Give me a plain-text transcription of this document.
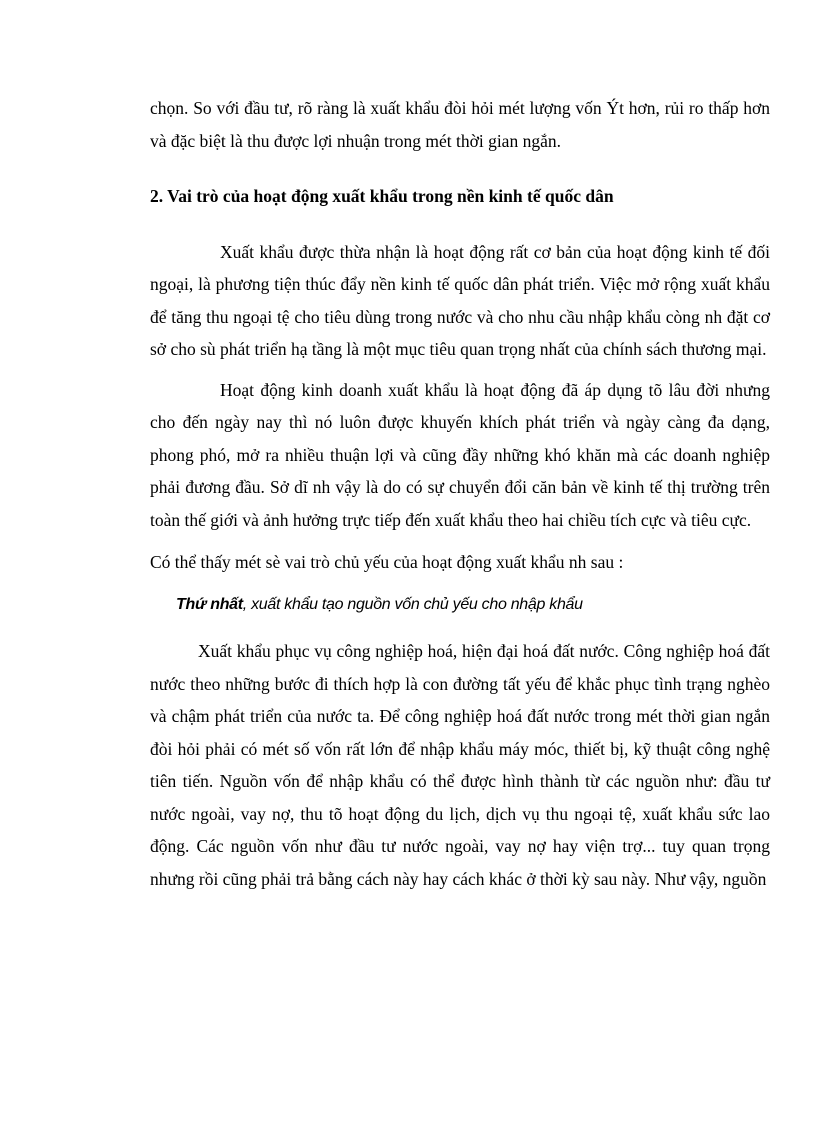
chọn. So với đầu tư, rõ ràng là xuất khẩu đòi hỏi mét lượng vốn Ýt hơn, rủi ro thấp hơn và đặc biệt là thu được lợi nhuận trong mét thời gian ngắn.

2. Vai trò của hoạt động xuất khẩu trong nền kinh tế quốc dân

Xuất khẩu được thừa nhận là hoạt động rất cơ bản của hoạt động kinh tế đối ngoại, là phương tiện thúc đẩy nền kinh tế quốc dân phát triển. Việc mở rộng xuất khẩu để tăng thu ngoại tệ cho tiêu dùng trong nước và cho nhu cầu nhập khẩu còng nh đặt cơ sở cho sù phát triển hạ tầng là một mục tiêu quan trọng nhất của chính sách thương mại.

Hoạt động kinh doanh xuất khẩu là hoạt động đã áp dụng tõ lâu đời nhưng cho đến ngày nay thì nó luôn được khuyến khích phát triển và ngày càng đa dạng, phong phó, mở ra nhiều thuận lợi và cũng đầy những khó khăn mà các doanh nghiệp phải đương đầu. Sở dĩ nh vậy là do có sự chuyển đổi căn bản về kinh tế thị trường trên toàn thế giới và ảnh hưởng trực tiếp đến xuất khẩu theo hai chiều tích cực và tiêu cực.

Có thể thấy mét sè vai trò chủ yếu của hoạt động xuất khẩu nh sau :

Thứ nhất, xuất khẩu tạo nguồn vốn chủ yếu cho nhập khẩu

Xuất khẩu phục vụ công nghiệp hoá, hiện đại hoá đất nước. Công nghiệp hoá đất nước theo những bước đi thích hợp là con đường tất yếu để khắc phục tình trạng nghèo và chậm phát triển của nước ta. Để công nghiệp hoá đất nước trong mét thời gian ngắn đòi hỏi phải có mét số vốn rất lớn để nhập khẩu máy móc, thiết bị, kỹ thuật công nghệ tiên tiến. Nguồn vốn để nhập khẩu có thể được hình thành từ các nguồn như: đầu tư nước ngoài, vay nợ, thu tõ hoạt động du lịch, dịch vụ thu ngoại tệ, xuất khẩu sức lao động. Các nguồn vốn như đầu tư nước ngoài, vay nợ hay viện trợ... tuy quan trọng nhưng rồi cũng phải trả bằng cách này hay cách khác ở thời kỳ sau này. Như vậy, nguồn
